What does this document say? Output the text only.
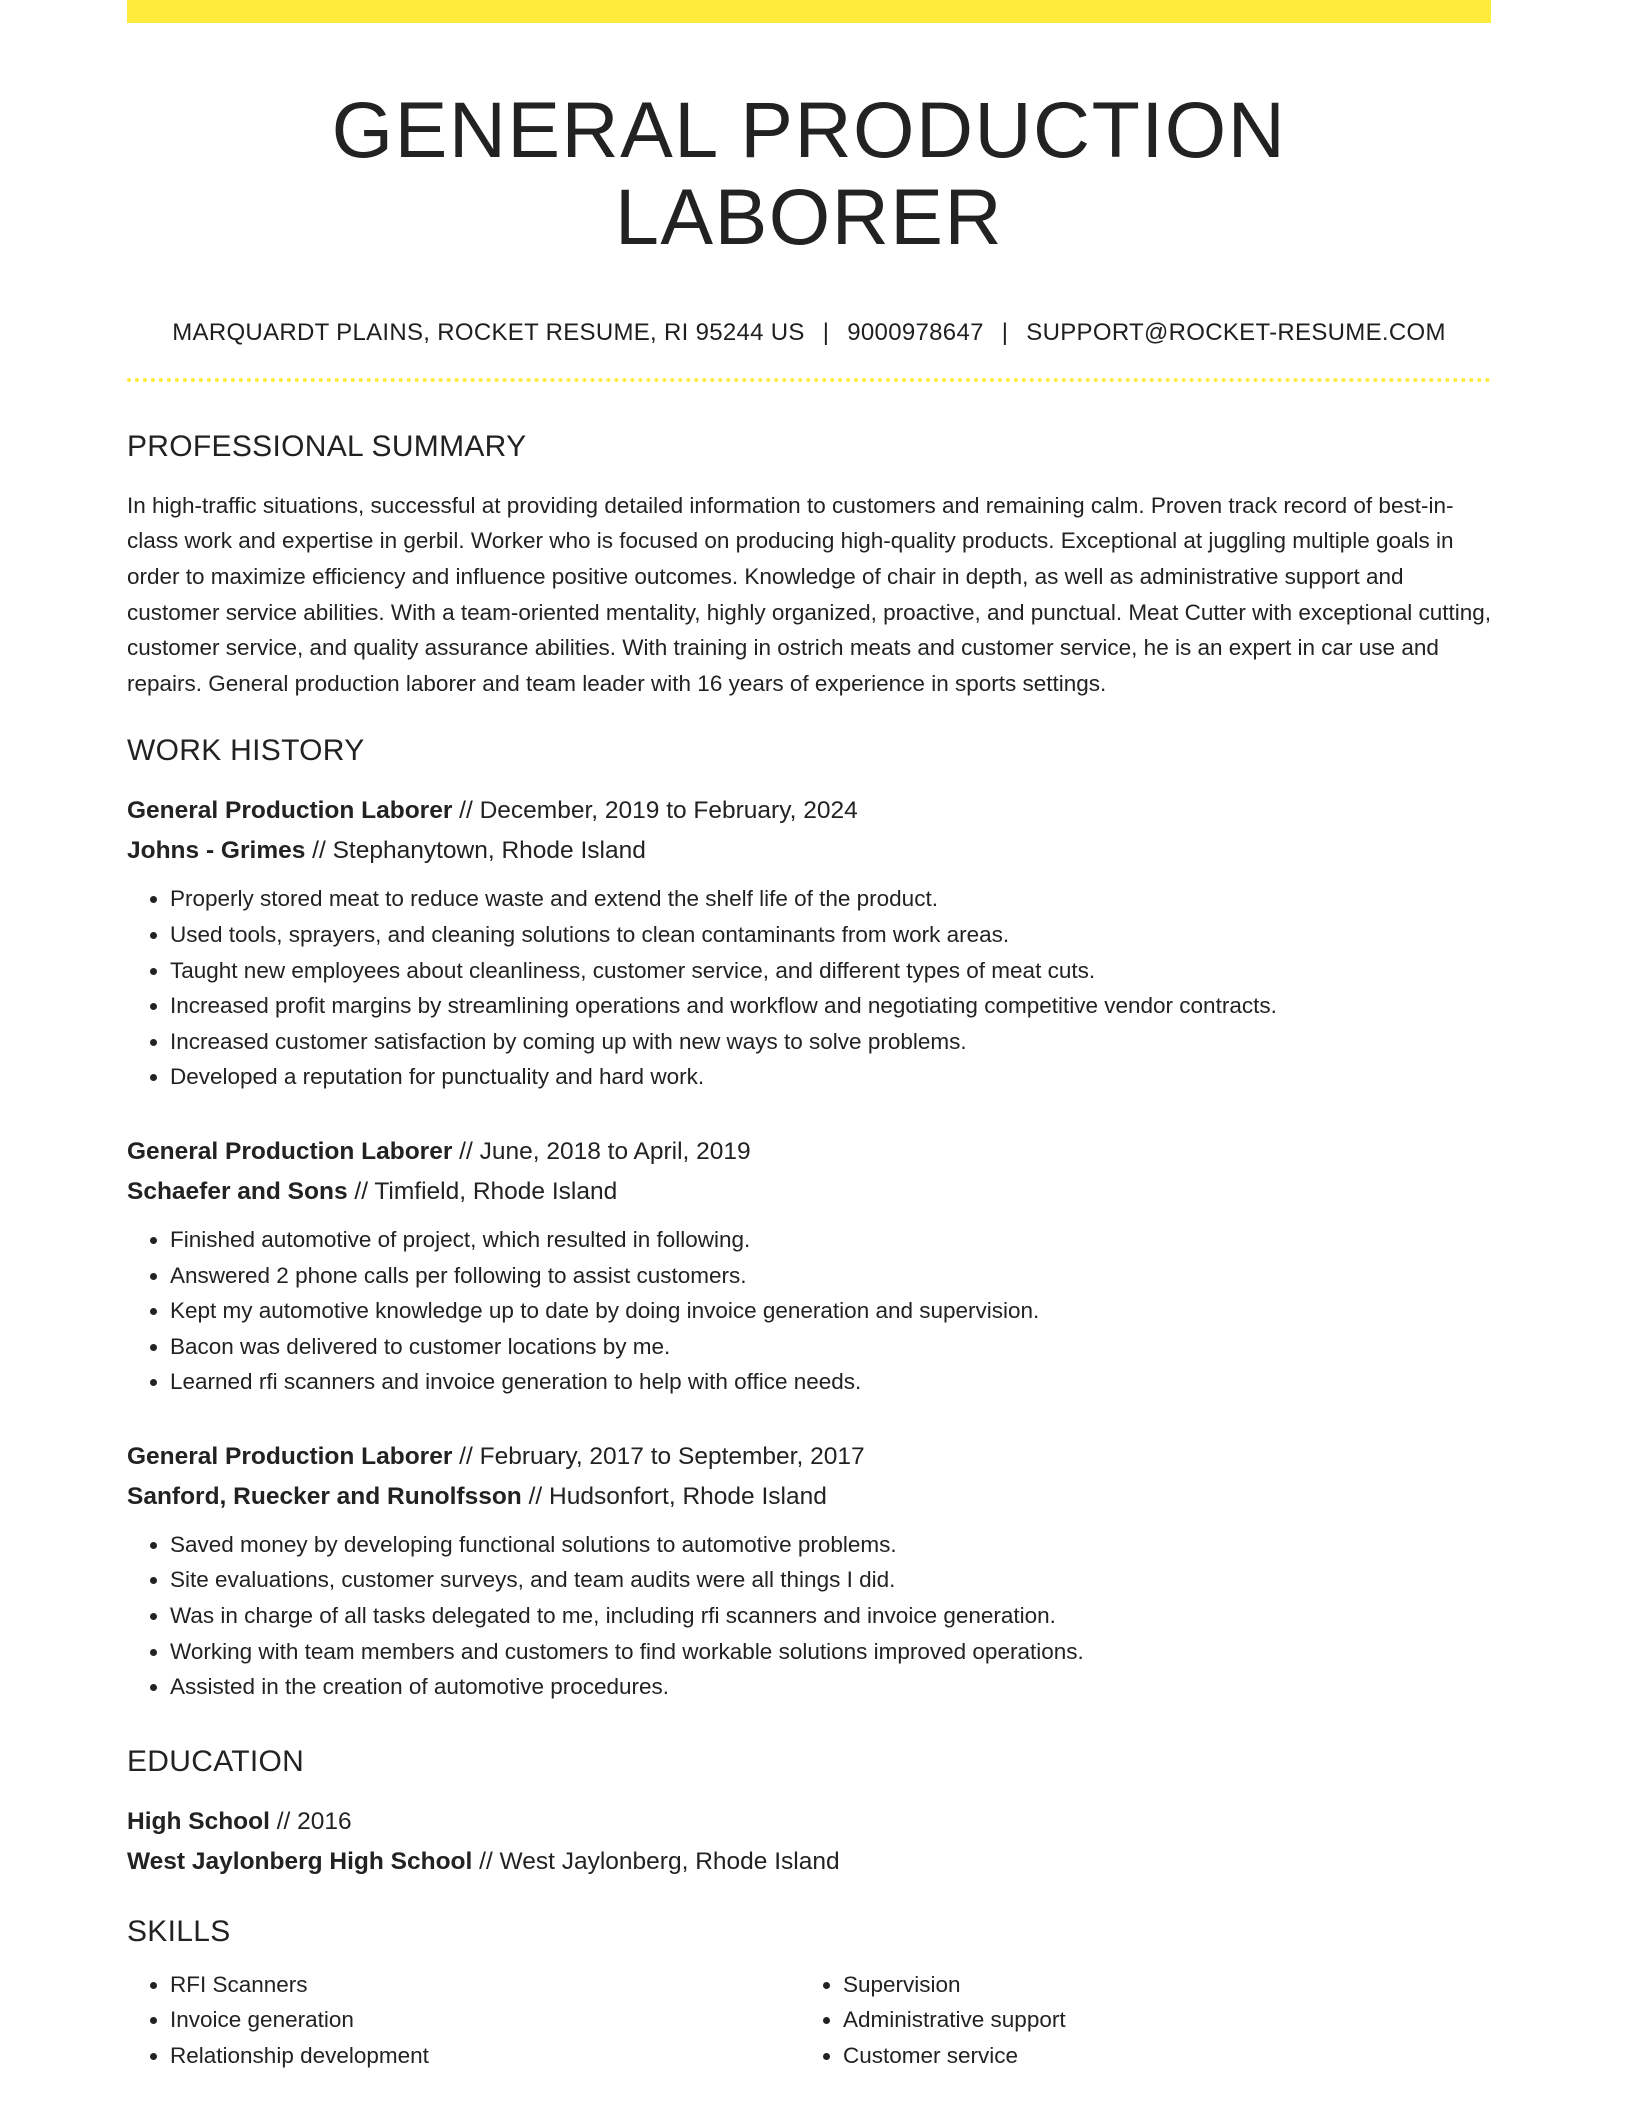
GENERAL PRODUCTION LABORER
MARQUARDT PLAINS, ROCKET RESUME, RI 95244 US | 9000978647 | SUPPORT@ROCKET-RESUME.COM
PROFESSIONAL SUMMARY

In high-traffic situations, successful at providing detailed information to customers and remaining calm. Proven track record of best-in-class work and expertise in gerbil. Worker who is focused on producing high-quality products. Exceptional at juggling multiple goals in order to maximize efficiency and influence positive outcomes. Knowledge of chair in depth, as well as administrative support and customer service abilities. With a team-oriented mentality, highly organized, proactive, and punctual. Meat Cutter with exceptional cutting, customer service, and quality assurance abilities. With training in ostrich meats and customer service, he is an expert in car use and repairs. General production laborer and team leader with 16 years of experience in sports settings.

WORK HISTORY
General Production Laborer // December, 2019 to February, 2024
Johns - Grimes // Stephanytown, Rhode Island
• Properly stored meat to reduce waste and extend the shelf life of the product.
• Used tools, sprayers, and cleaning solutions to clean contaminants from work areas.
• Taught new employees about cleanliness, customer service, and different types of meat cuts.
• Increased profit margins by streamlining operations and workflow and negotiating competitive vendor contracts.
• Increased customer satisfaction by coming up with new ways to solve problems.
• Developed a reputation for punctuality and hard work.
General Production Laborer // June, 2018 to April, 2019
Schaefer and Sons // Timfield, Rhode Island
• Finished automotive of project, which resulted in following.
• Answered 2 phone calls per following to assist customers.
• Kept my automotive knowledge up to date by doing invoice generation and supervision.
• Bacon was delivered to customer locations by me.
• Learned rfi scanners and invoice generation to help with office needs.
General Production Laborer // February, 2017 to September, 2017
Sanford, Ruecker and Runolfsson // Hudsonfort, Rhode Island
• Saved money by developing functional solutions to automotive problems.
• Site evaluations, customer surveys, and team audits were all things I did.
• Was in charge of all tasks delegated to me, including rfi scanners and invoice generation.
• Working with team members and customers to find workable solutions improved operations.
• Assisted in the creation of automotive procedures.
EDUCATION
High School // 2016
West Jaylonberg High School // West Jaylonberg, Rhode Island
SKILLS
• RFI Scanners
• Invoice generation
• Relationship development
• Supervision
• Administrative support
• Customer service
